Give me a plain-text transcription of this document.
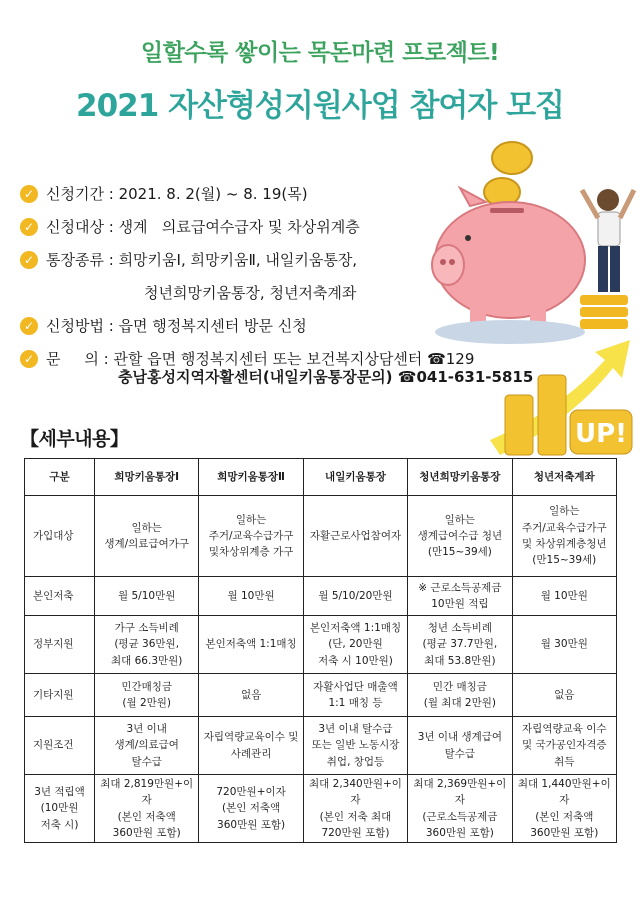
일할수록 쌓이는 목돈마련 프로젝트!
2021 자산형성지원사업 참여자 모집
✓ 신청기간 : 2021. 8. 2(월) ~ 8. 19(목)
✓ 신청대상 : 생계   의료급여수급자 및 차상위계층
✓ 통장종류 : 희망키움Ⅰ, 희망키움Ⅱ, 내일키움통장,
청년희망키움통장, 청년저축계좌
✓ 신청방법 : 읍면 행정복지센터 방문 신청
✓ 문     의 : 관할 읍면 행정복지센터 또는 보건복지상담센터 ☎129
충남홍성지역자활센터(내일키움통장문의) ☎041-631-5815
UP!
【세부내용】
구분	희망키움통장Ⅰ	희망키움통장Ⅱ	내일키움통장	청년희망키움통장	청년저축계좌
가입대상	일하는
생계/의료급여가구	일하는
주거/교육수급가구
및차상위계층 가구	자활근로사업참여자	일하는
생계급여수급 청년
(만15~39세)	일하는
주거/교육수급가구
및 차상위계층청년
(만15~39세)
본인저축	월 5/10만원	월 10만원	월 5/10/20만원	※ 근로소득공제금
10만원 적립	월 10만원
정부지원	가구 소득비례
(평균 36만원,
최대 66.3만원)	본인저축액 1:1매칭	본인저축액 1:1매칭
(단, 20만원
저축 시 10만원)	청년 소득비례
(평균 37.7만원,
최대 53.8만원)	월 30만원
기타지원	민간매칭금
(월 2만원)	없음	자활사업단 매출액
1:1 매칭 등	민간 매칭금
(월 최대 2만원)	없음
지원조건	3년 이내
생계/의료급여
탈수급	자립역량교육이수 및
사례관리	3년 이내 탈수급
또는 일반 노동시장
취업, 창업등	3년 이내 생계급여
탈수급	자립역량교육 이수
및 국가공인자격증
취득
3년 적립액
(10만원
저축 시)	최대 2,819만원+이자
(본인 저축액
360만원 포함)	720만원+이자
(본인 저축액
360만원 포함)	최대 2,340만원+이자
(본인 저축 최대
720만원 포함)	최대 2,369만원+이자
(근로소득공제금
360만원 포함)	최대 1,440만원+이자
(본인 저축액
360만원 포함)
